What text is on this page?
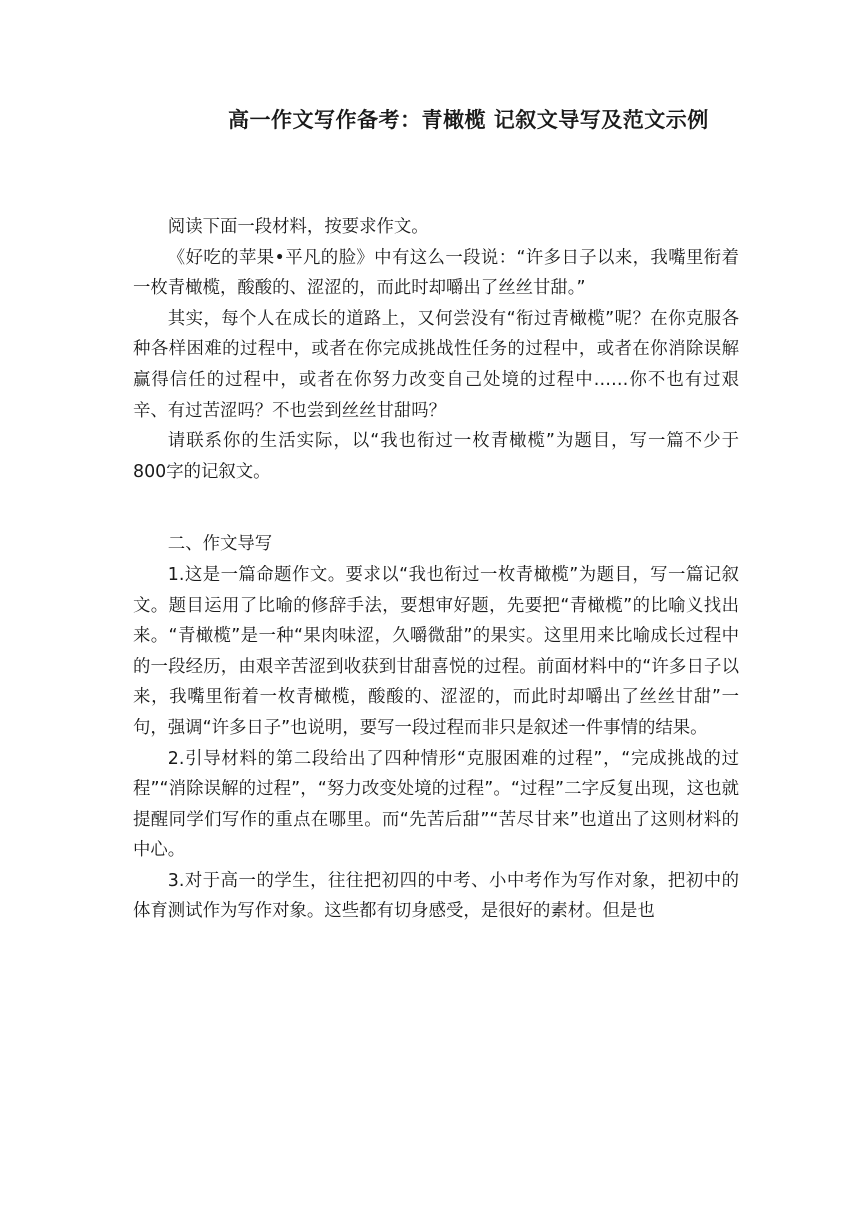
高一作文写作备考：青橄榄 记叙文导写及范文示例

阅读下面一段材料，按要求作文。

《好吃的苹果•平凡的脸》中有这么一段说：“许多日子以来，我嘴里衔着一枚青橄榄，酸酸的、涩涩的，而此时却嚼出了丝丝甘甜。”

其实，每个人在成长的道路上，又何尝没有“衔过青橄榄”呢？在你克服各种各样困难的过程中，或者在你完成挑战性任务的过程中，或者在你消除误解赢得信任的过程中，或者在你努力改变自己处境的过程中……你不也有过艰辛、有过苦涩吗？不也尝到丝丝甘甜吗？

请联系你的生活实际，以“我也衔过一枚青橄榄”为题目，写一篇不少于800字的记叙文。

二、作文导写

1.这是一篇命题作文。要求以“我也衔过一枚青橄榄”为题目，写一篇记叙文。题目运用了比喻的修辞手法，要想审好题，先要把“青橄榄”的比喻义找出来。“青橄榄”是一种“果肉味涩，久嚼微甜”的果实。这里用来比喻成长过程中的一段经历，由艰辛苦涩到收获到甘甜喜悦的过程。前面材料中的“许多日子以来，我嘴里衔着一枚青橄榄，酸酸的、涩涩的，而此时却嚼出了丝丝甘甜”一句，强调“许多日子”也说明，要写一段过程而非只是叙述一件事情的结果。

2.引导材料的第二段给出了四种情形“克服困难的过程”，“完成挑战的过程”“消除误解的过程”，“努力改变处境的过程”。“过程”二字反复出现，这也就提醒同学们写作的重点在哪里。而“先苦后甜”“苦尽甘来”也道出了这则材料的中心。

3.对于高一的学生，往往把初四的中考、小中考作为写作对象，把初中的体育测试作为写作对象。这些都有切身感受，是很好的素材。但是也
